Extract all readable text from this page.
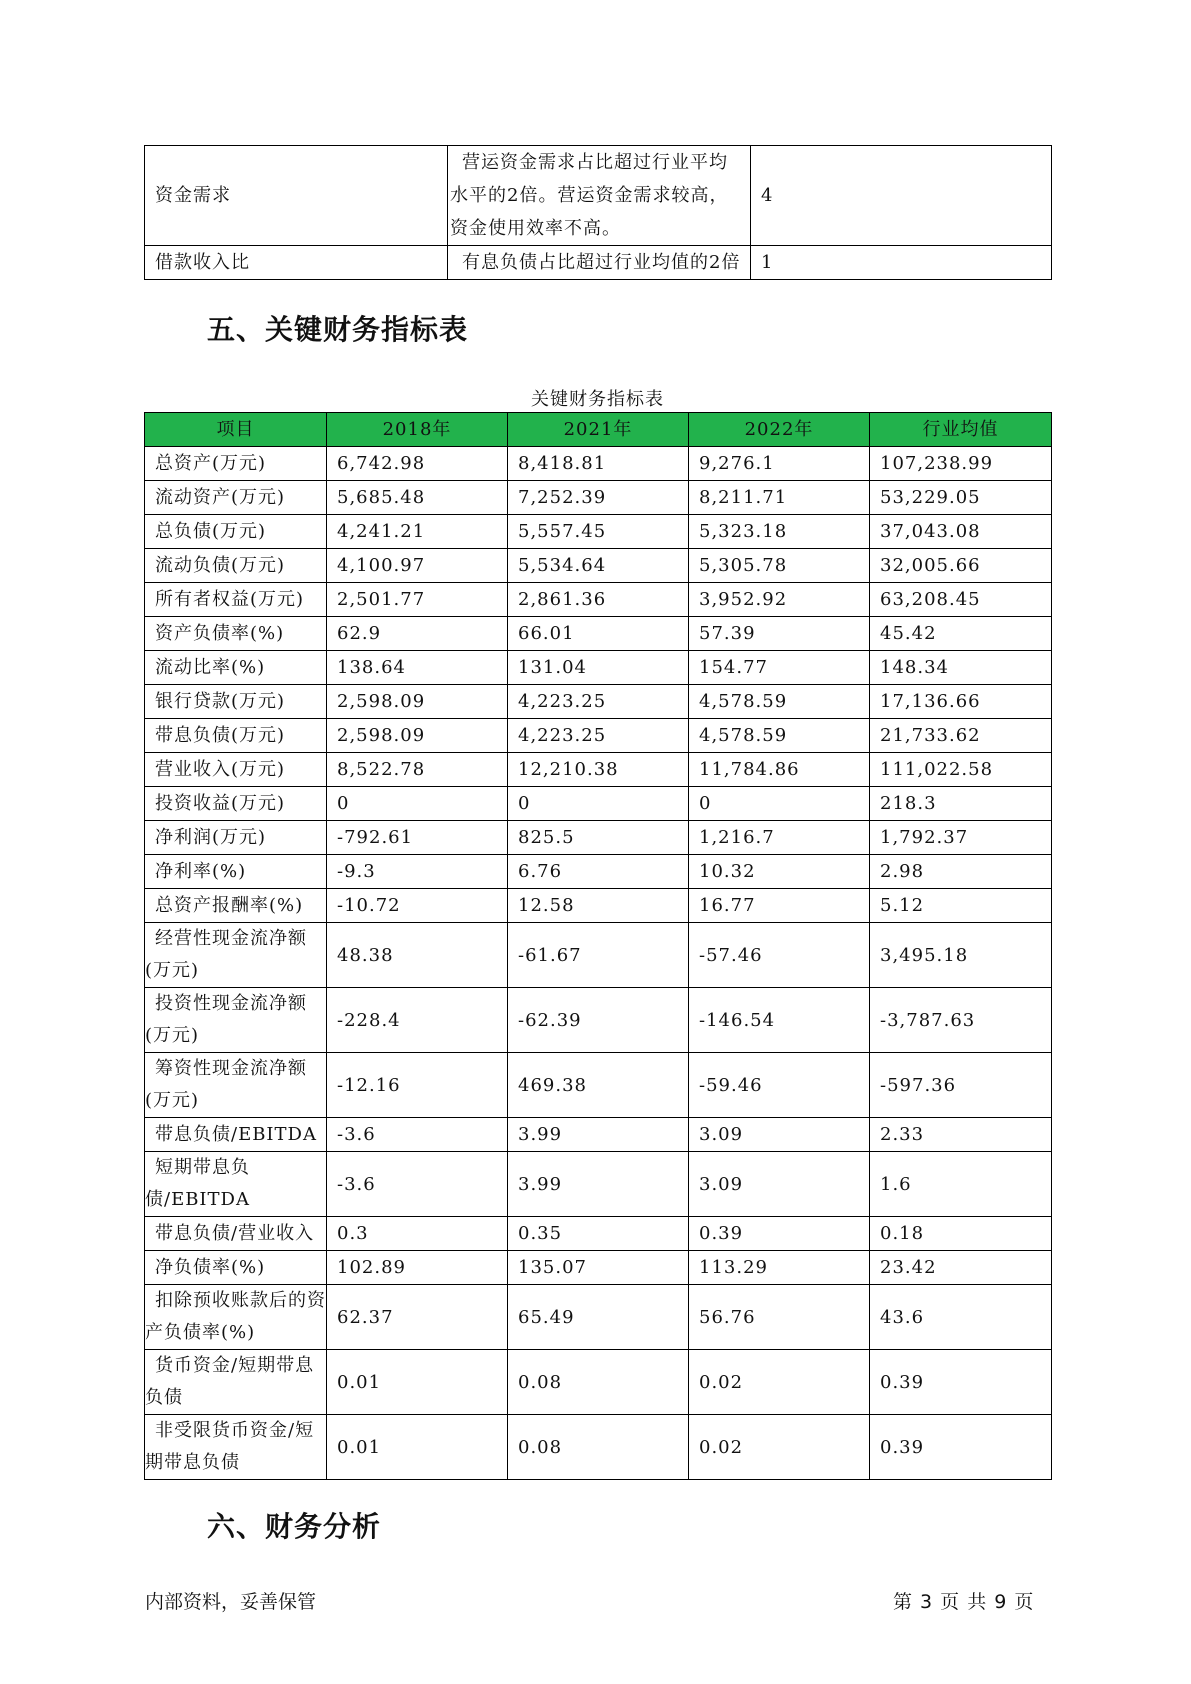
资金需求	营运资金需求占比超过行业平均
水平的2倍。营运资金需求较高，
资金使用效率不高。	4
借款收入比	有息负债占比超过行业均值的2倍	1
五、关键财务指标表
关键财务指标表
项目	2018年	2021年	2022年	行业均值
总资产(万元)	6,742.98	8,418.81	9,276.1	107,238.99
流动资产(万元)	5,685.48	7,252.39	8,211.71	53,229.05
总负债(万元)	4,241.21	5,557.45	5,323.18	37,043.08
流动负债(万元)	4,100.97	5,534.64	5,305.78	32,005.66
所有者权益(万元)	2,501.77	2,861.36	3,952.92	63,208.45
资产负债率(%)	62.9	66.01	57.39	45.42
流动比率(%)	138.64	131.04	154.77	148.34
银行贷款(万元)	2,598.09	4,223.25	4,578.59	17,136.66
带息负债(万元)	2,598.09	4,223.25	4,578.59	21,733.62
营业收入(万元)	8,522.78	12,210.38	11,784.86	111,022.58
投资收益(万元)	0	0	0	218.3
净利润(万元)	-792.61	825.5	1,216.7	1,792.37
净利率(%)	-9.3	6.76	10.32	2.98
总资产报酬率(%)	-10.72	12.58	16.77	5.12
经营性现金流净额(万元)	48.38	-61.67	-57.46	3,495.18
投资性现金流净额(万元)	-228.4	-62.39	-146.54	-3,787.63
筹资性现金流净额(万元)	-12.16	469.38	-59.46	-597.36
带息负债/EBITDA	-3.6	3.99	3.09	2.33
短期带息负债/EBITDA	-3.6	3.99	3.09	1.6
带息负债/营业收入	0.3	0.35	0.39	0.18
净负债率(%)	102.89	135.07	113.29	23.42
扣除预收账款后的资产负债率(%)	62.37	65.49	56.76	43.6
货币资金/短期带息负债	0.01	0.08	0.02	0.39
非受限货币资金/短期带息负债	0.01	0.08	0.02	0.39
六、财务分析
内部资料，妥善保管	第 3 页 共 9 页
